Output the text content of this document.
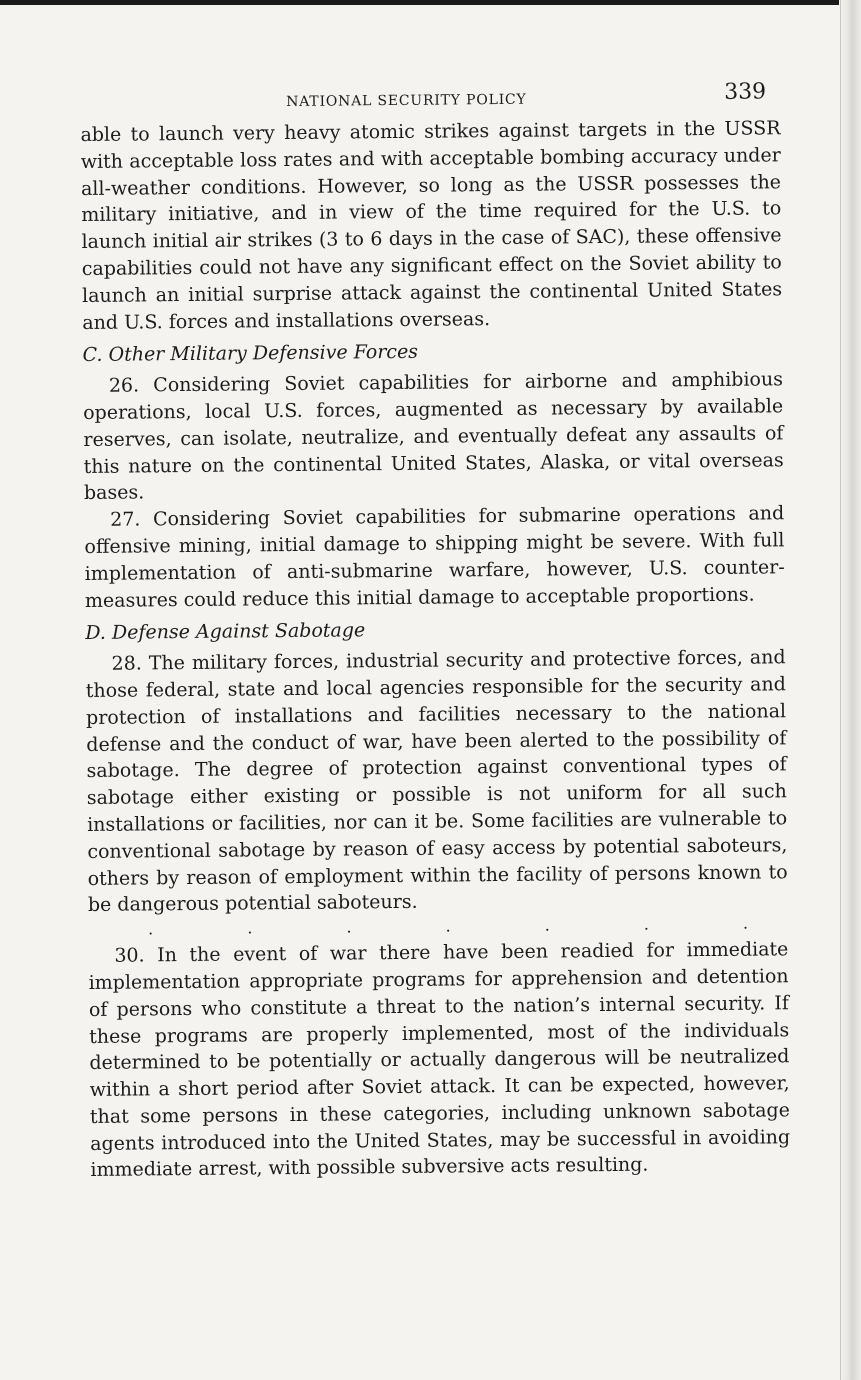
NATIONAL SECURITY POLICY	339

able to launch very heavy atomic strikes against targets in the USSR with acceptable loss rates and with acceptable bombing accuracy under all-weather conditions. However, so long as the USSR possesses the military initiative, and in view of the time required for the U.S. to launch initial air strikes (3 to 6 days in the case of SAC), these offensive capabilities could not have any significant effect on the Soviet ability to launch an initial surprise attack against the continental United States and U.S. forces and installations overseas.

C. Other Military Defensive Forces

26. Considering Soviet capabilities for airborne and amphibious operations, local U.S. forces, augmented as necessary by available reserves, can isolate, neutralize, and eventually defeat any assaults of this nature on the continental United States, Alaska, or vital overseas bases.

27. Considering Soviet capabilities for submarine operations and offensive mining, initial damage to shipping might be severe. With full implementation of anti-submarine warfare, however, U.S. counter-measures could reduce this initial damage to acceptable proportions.

D. Defense Against Sabotage

28. The military forces, industrial security and protective forces, and those federal, state and local agencies responsible for the security and protection of installations and facilities necessary to the national defense and the conduct of war, have been alerted to the possibility of sabotage. The degree of protection against conventional types of sabotage either existing or possible is not uniform for all such installations or facilities, nor can it be. Some facilities are vulnerable to conventional sabotage by reason of easy access by potential saboteurs, others by reason of employment within the facility of persons known to be dangerous potential saboteurs.

.	.	.	.	.	.	.

30. In the event of war there have been readied for immediate implementation appropriate programs for apprehension and detention of persons who constitute a threat to the nation’s internal security. If these programs are properly implemented, most of the individuals determined to be potentially or actually dangerous will be neutralized within a short period after Soviet attack. It can be expected, however, that some persons in these categories, including unknown sabotage agents introduced into the United States, may be successful in avoiding immediate arrest, with possible subversive acts resulting.
